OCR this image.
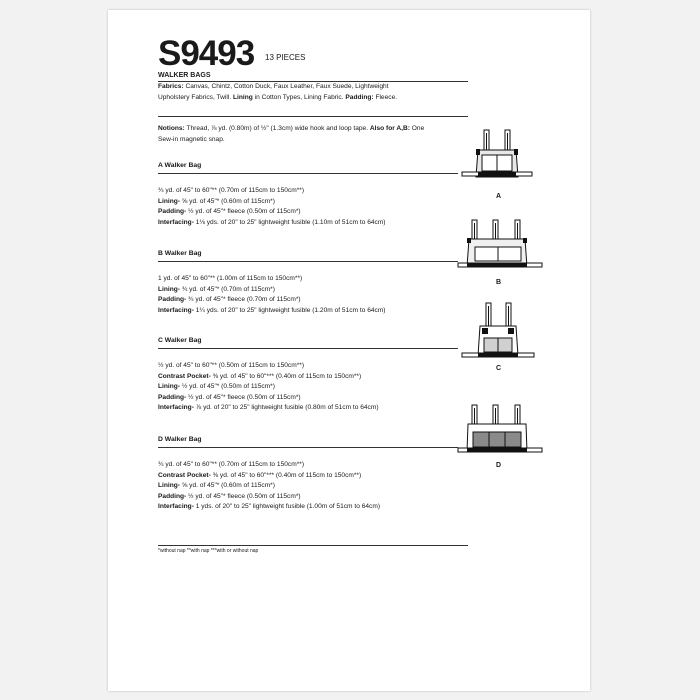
S9493 13 PIECES
WALKER BAGS
Fabrics: Canvas, Chintz, Cotton Duck, Faux Leather, Faux Suede, Lightweight
Upholstery Fabrics, Twill. Lining in Cotton Types, Lining Fabric. Padding: Fleece.
Notions: Thread, ⅞ yd. (0.80m) of ½" (1.3cm) wide hook and loop tape. Also for A,B: One
Sew-in magnetic snap.
A Walker Bag
¾ yd. of 45" to 60"** (0.70m of 115cm to 150cm**)
Lining- ⅝ yd. of 45"* (0.60m of 115cm*)
Padding- ½ yd. of 45"* fleece (0.50m of 115cm*)
Interfacing- 1⅛ yds. of 20" to 25" lightweight fusible (1.10m of 51cm to 64cm)
B Walker Bag
1 yd. of 45" to 60"** (1.00m of 115cm to 150cm**)
Lining- ¾ yd. of 45"* (0.70m of 115cm*)
Padding- ¾ yd. of 45"* fleece (0.70m of 115cm*)
Interfacing- 1¼ yds. of 20" to 25" lightweight fusible (1.20m of 51cm to 64cm)
C Walker Bag
½ yd. of 45" to 60"** (0.50m of 115cm to 150cm**)
Contrast Pocket- ⅜ yd. of 45" to 60"*** (0.40m of 115cm to 150cm**)
Lining- ½ yd. of 45"* (0.50m of 115cm*)
Padding- ½ yd. of 45"* fleece (0.50m of 115cm*)
Interfacing- ⅞ yd. of 20" to 25" lightweight fusible (0.80m of 51cm to 64cm)
D Walker Bag
¾ yd. of 45" to 60"** (0.70m of 115cm to 150cm**)
Contrast Pocket- ⅜ yd. of 45" to 60"*** (0.40m of 115cm to 150cm**)
Lining- ⅝ yd. of 45"* (0.60m of 115cm*)
Padding- ½ yd. of 45"* fleece (0.50m of 115cm*)
Interfacing- 1 yds. of 20" to 25" lightweight fusible (1.00m of 51cm to 64cm)
*without nap **with nap ***with or without nap
A
B
C
D
